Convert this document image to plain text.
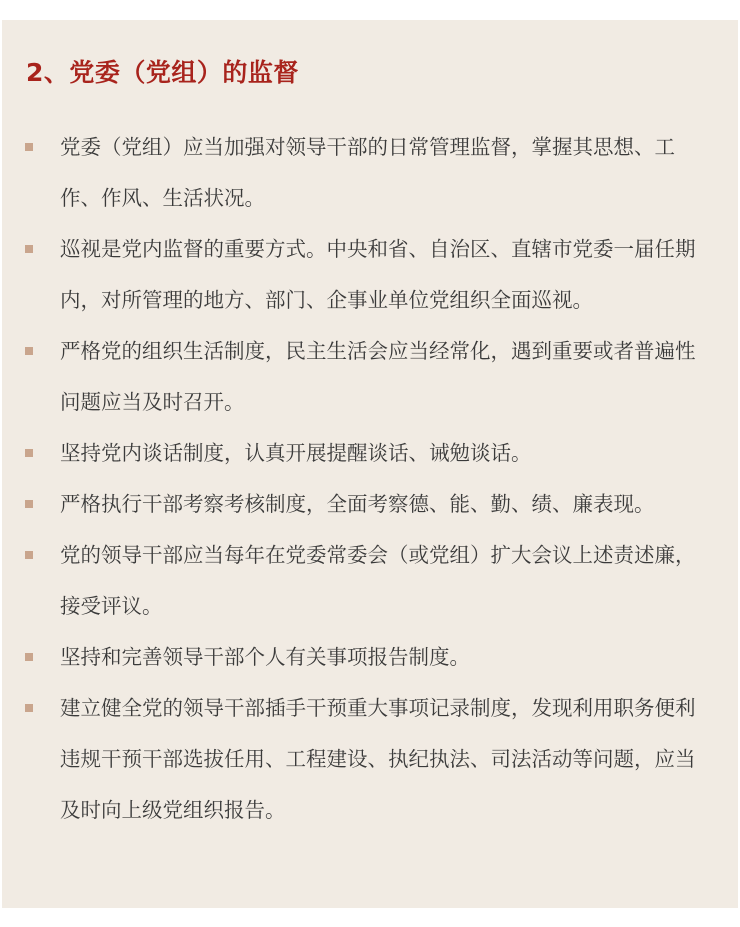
2、党委（党组）的监督
党委（党组）应当加强对领导干部的日常管理监督，掌握其思想、工作、作风、生活状况。
巡视是党内监督的重要方式。中央和省、自治区、直辖市党委一届任期内，对所管理的地方、部门、企事业单位党组织全面巡视。
严格党的组织生活制度，民主生活会应当经常化，遇到重要或者普遍性问题应当及时召开。
坚持党内谈话制度，认真开展提醒谈话、诫勉谈话。
严格执行干部考察考核制度，全面考察德、能、勤、绩、廉表现。
党的领导干部应当每年在党委常委会（或党组）扩大会议上述责述廉，接受评议。
坚持和完善领导干部个人有关事项报告制度。
建立健全党的领导干部插手干预重大事项记录制度，发现利用职务便利违规干预干部选拔任用、工程建设、执纪执法、司法活动等问题，应当及时向上级党组织报告。
